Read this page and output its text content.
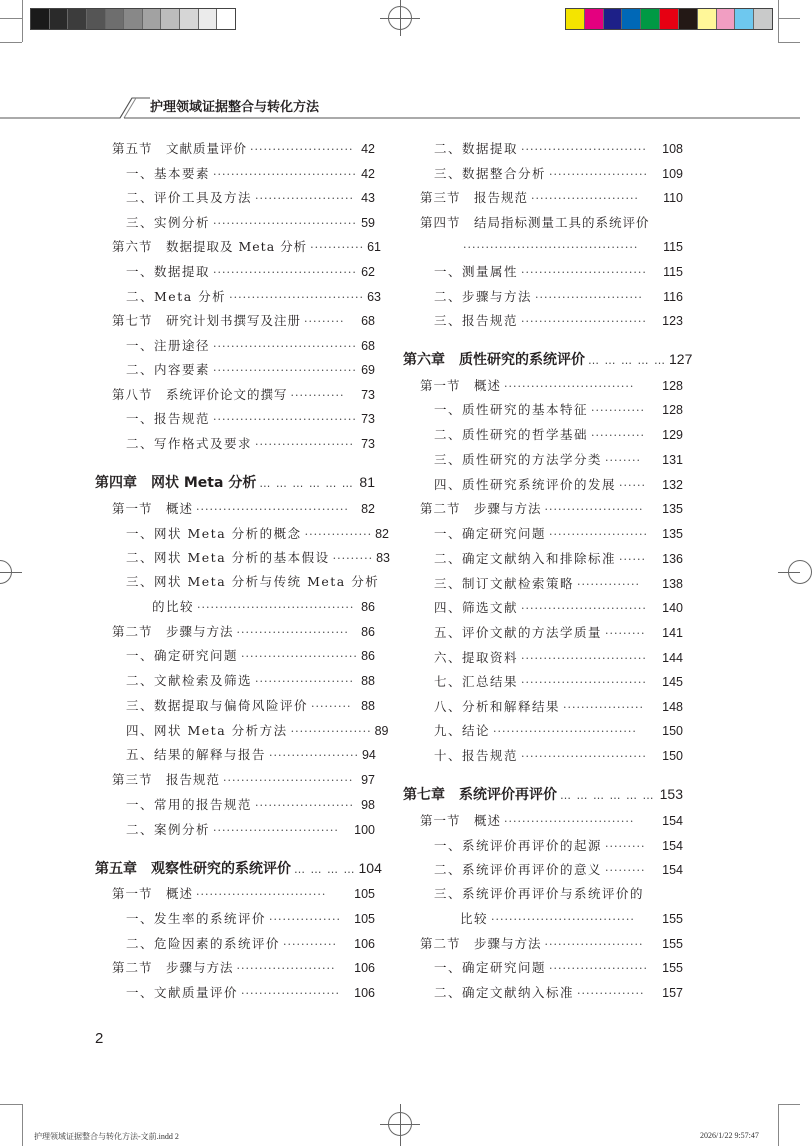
护理领域证据整合与转化方法
第五节　文献质量评价 ······················· 42
一、基本要素 ································ 42
二、评价工具及方法 ······················ 43
三、实例分析 ································ 59
第六节　数据提取及 Meta 分析 ············ 61
一、数据提取 ································ 62
二、Meta 分析 ······························ 63
第七节　研究计划书撰写及注册 ·········	68
一、注册途径 ································ 68
二、内容要素 ································ 69
第八节　系统评价论文的撰写 ············	73
一、报告规范 ································ 73
二、写作格式及要求 ······················ 73
第四章　网状 Meta 分析 … … … … … … 81
第一节　概述 ·································· 82
一、网状 Meta 分析的概念 ··············· 82
二、网状 Meta 分析的基本假设 ········· 83
三、网状 Meta 分析与传统 Meta 分析
的比较 ··································· 86
第二节　步骤与方法 ························· 86
一、确定研究问题 ·························· 86
二、文献检索及筛选 ······················ 88
三、数据提取与偏倚风险评价 ········· 88
四、网状 Meta 分析方法 ·················· 89
五、结果的解释与报告 ···················· 94
第三节　报告规范 ····························· 97
一、常用的报告规范 ······················ 98
二、案例分析 ····························	100
第五章　观察性研究的系统评价 … … … … 104
第一节　概述 ·····························	105
一、发生率的系统评价 ················	105
二、危险因素的系统评价 ············	106
第二节　步骤与方法 ······················	106
一、文献质量评价 ······················	106
二、数据提取 ····························	108
三、数据整合分析 ······················	109
第三节　报告规范 ························	110
第四节　结局指标测量工具的系统评价
·······································	115
一、测量属性 ····························	115
二、步骤与方法 ························	116
三、报告规范 ····························	123
第六章　质性研究的系统评价 … … … … … 127
第一节　概述 ·····························	128
一、质性研究的基本特征 ············	128
二、质性研究的哲学基础 ············	129
三、质性研究的方法学分类 ········	131
四、质性研究系统评价的发展 ······	132
第二节　步骤与方法 ······················	135
一、确定研究问题 ······················	135
二、确定文献纳入和排除标准 ······	136
三、制订文献检索策略 ··············	138
四、筛选文献 ····························	140
五、评价文献的方法学质量 ·········	141
六、提取资料 ····························	144
七、汇总结果 ····························	145
八、分析和解释结果 ··················	148
九、结论 ································	150
十、报告规范 ····························	150
第七章　系统评价再评价 … … … … … … 153
第一节　概述 ·····························	154
一、系统评价再评价的起源 ·········	154
二、系统评价再评价的意义 ·········	154
三、系统评价再评价与系统评价的
比较 ································	155
第二节　步骤与方法 ······················	155
一、确定研究问题 ······················	155
二、确定文献纳入标准 ···············	157
2
护理领域证据整合与转化方法-文前.indd 2	2026/1/22 9:57:47
